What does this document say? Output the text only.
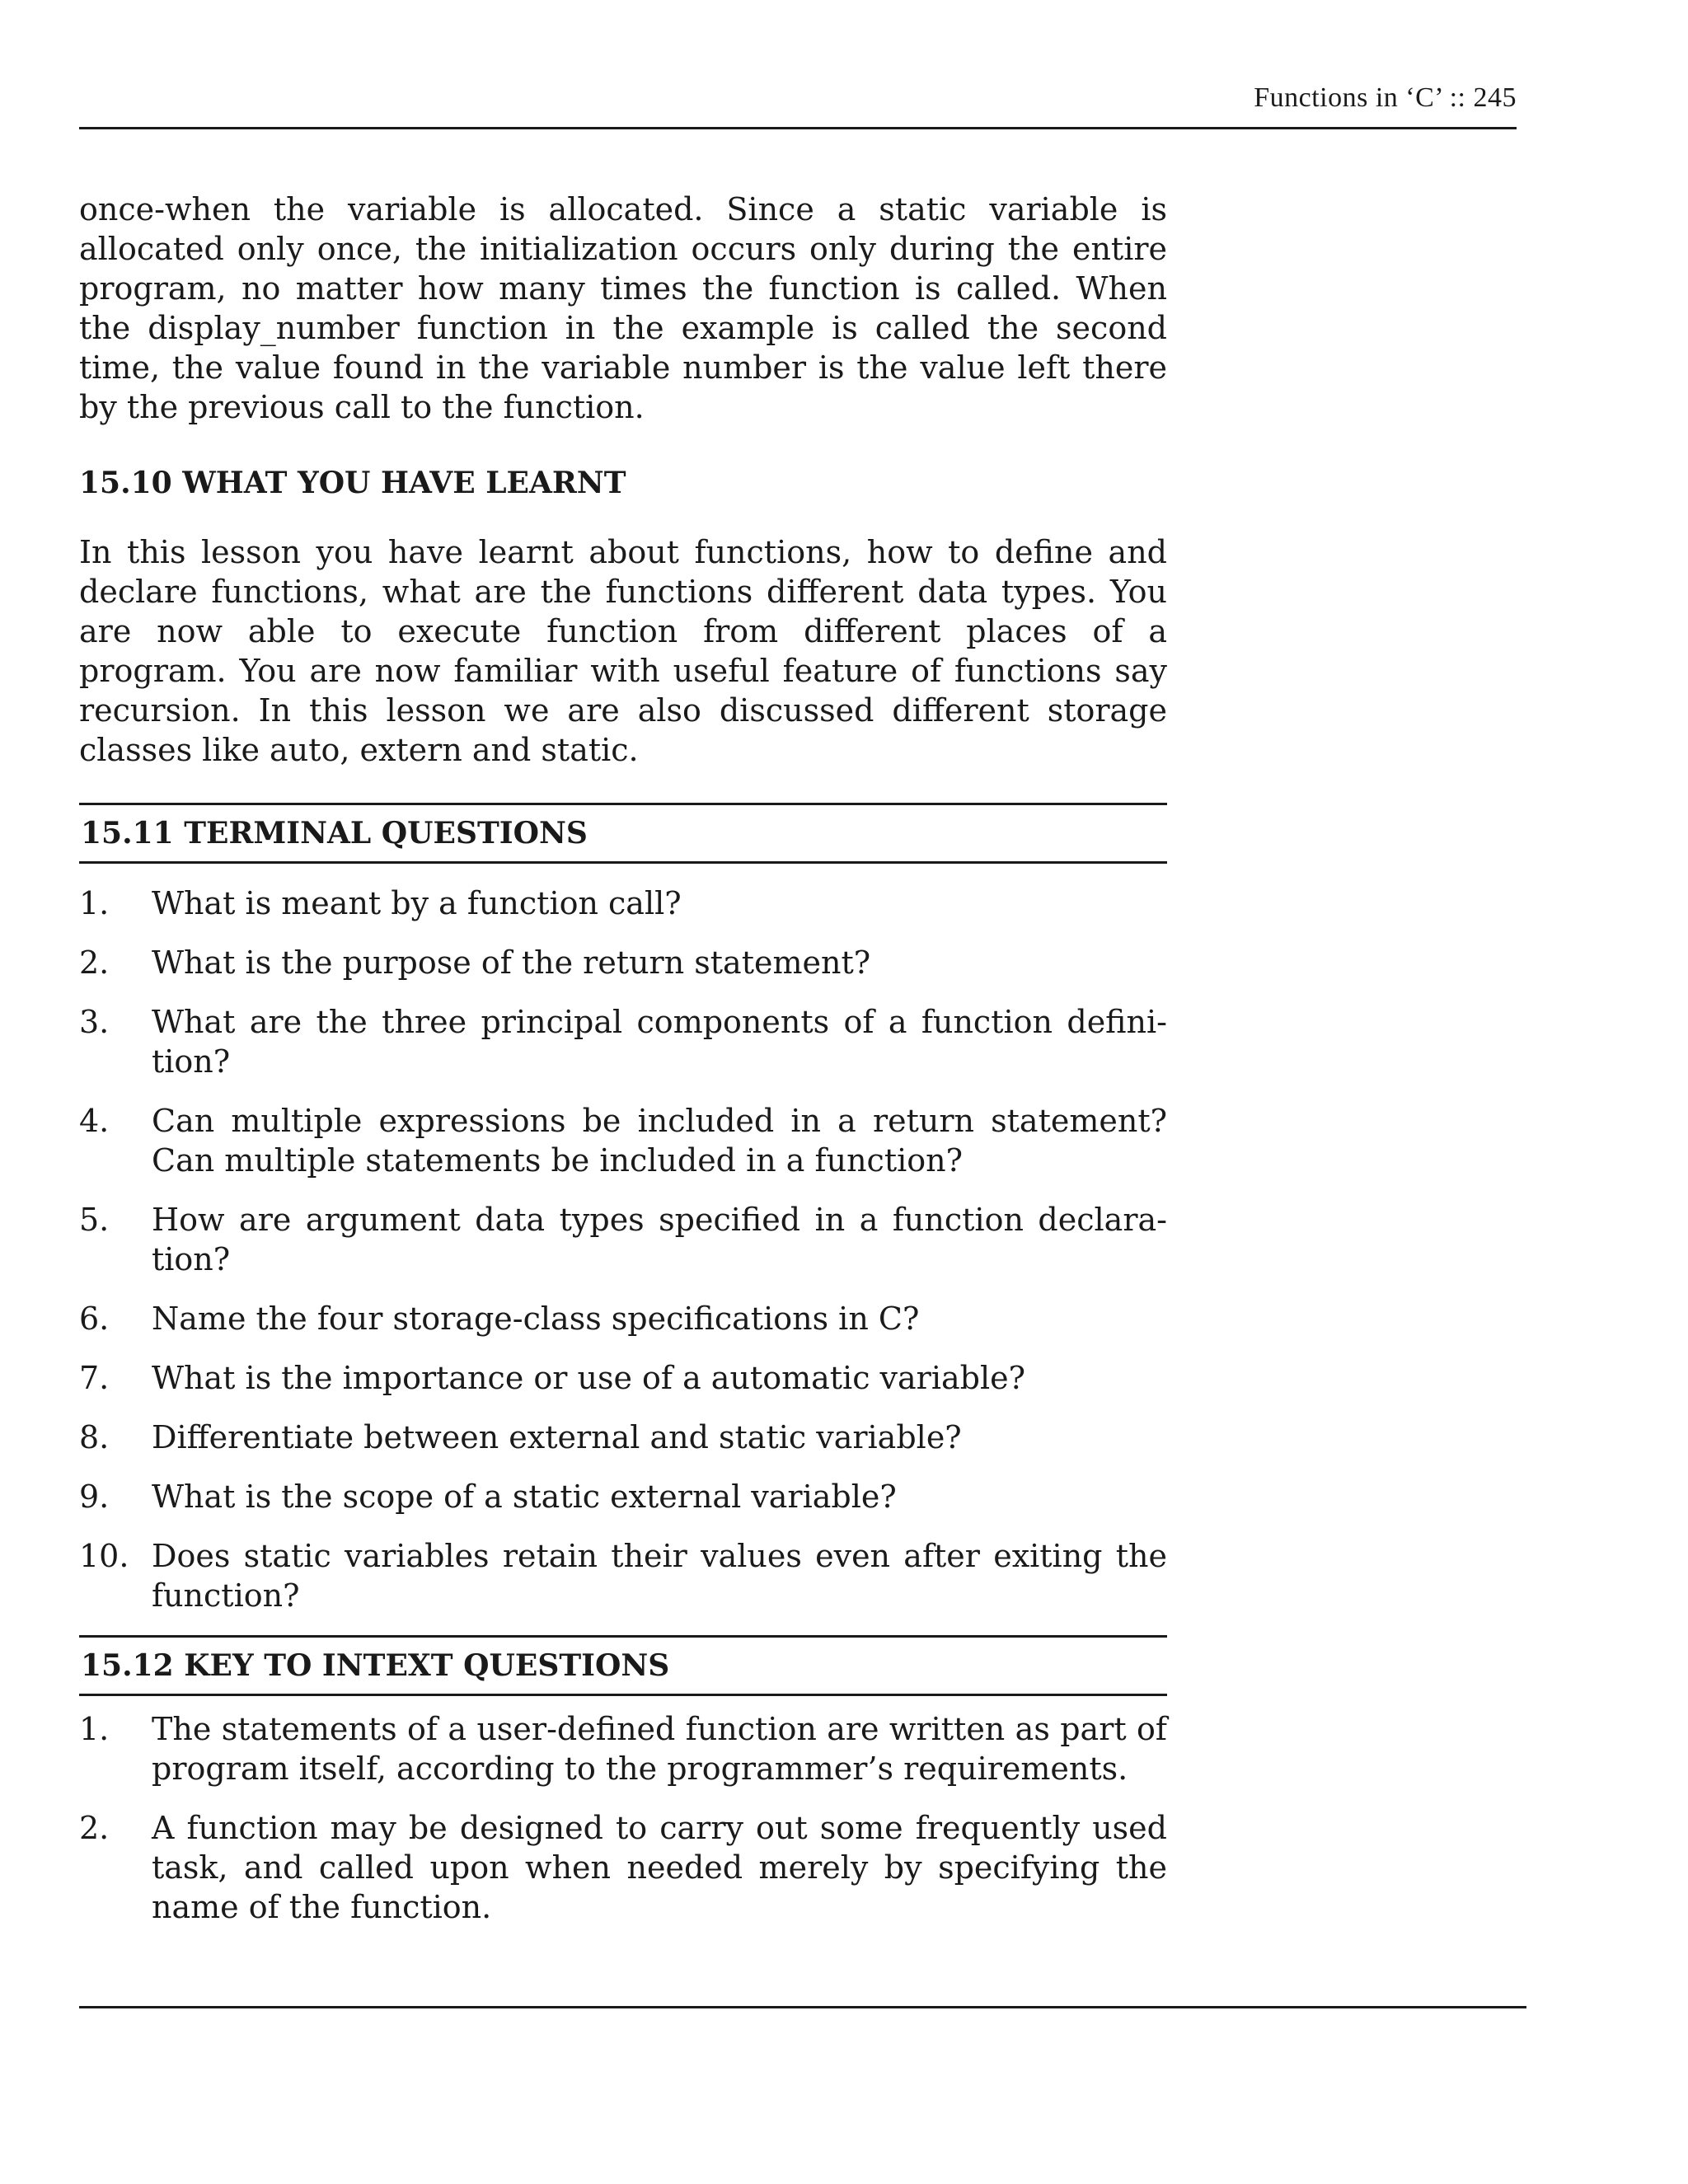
Functions in ‘C’ :: 245

once-when the variable is allocated. Since a static variable is allocated only once, the initialization occurs only during the entire program, no matter how many times the function is called. When the display_number function in the example is called the second time, the value found in the variable number is the value left there by the previous call to the function.

15.10 WHAT YOU HAVE LEARNT

In this lesson you have learnt about functions, how to define and declare functions, what are the functions different data types. You are now able to execute function from different places of a program. You are now familiar with useful feature of functions say recursion. In this lesson we are also discussed different storage classes like auto, extern and static.

15.11 TERMINAL QUESTIONS
1.	What is meant by a function call?
2.	What is the purpose of the return statement?
3.	What are the three principal components of a function defini-tion?
4.	Can multiple expressions be included in a return statement? Can multiple statements be included in a function?
5.	How are argument data types specified in a function declara-tion?
6.	Name the four storage-class specifications in C?
7.	What is the importance or use of a automatic variable?
8.	Differentiate between external and static variable?
9.	What is the scope of a static external variable?
10. Does static variables retain their values even after exiting the function?
15.12 KEY TO INTEXT QUESTIONS
1.	The statements of a user-defined function are written as part of program itself, according to the programmer’s requirements.
2.	A function may be designed to carry out some frequently used task, and called upon when needed merely by specifying the name of the function.
